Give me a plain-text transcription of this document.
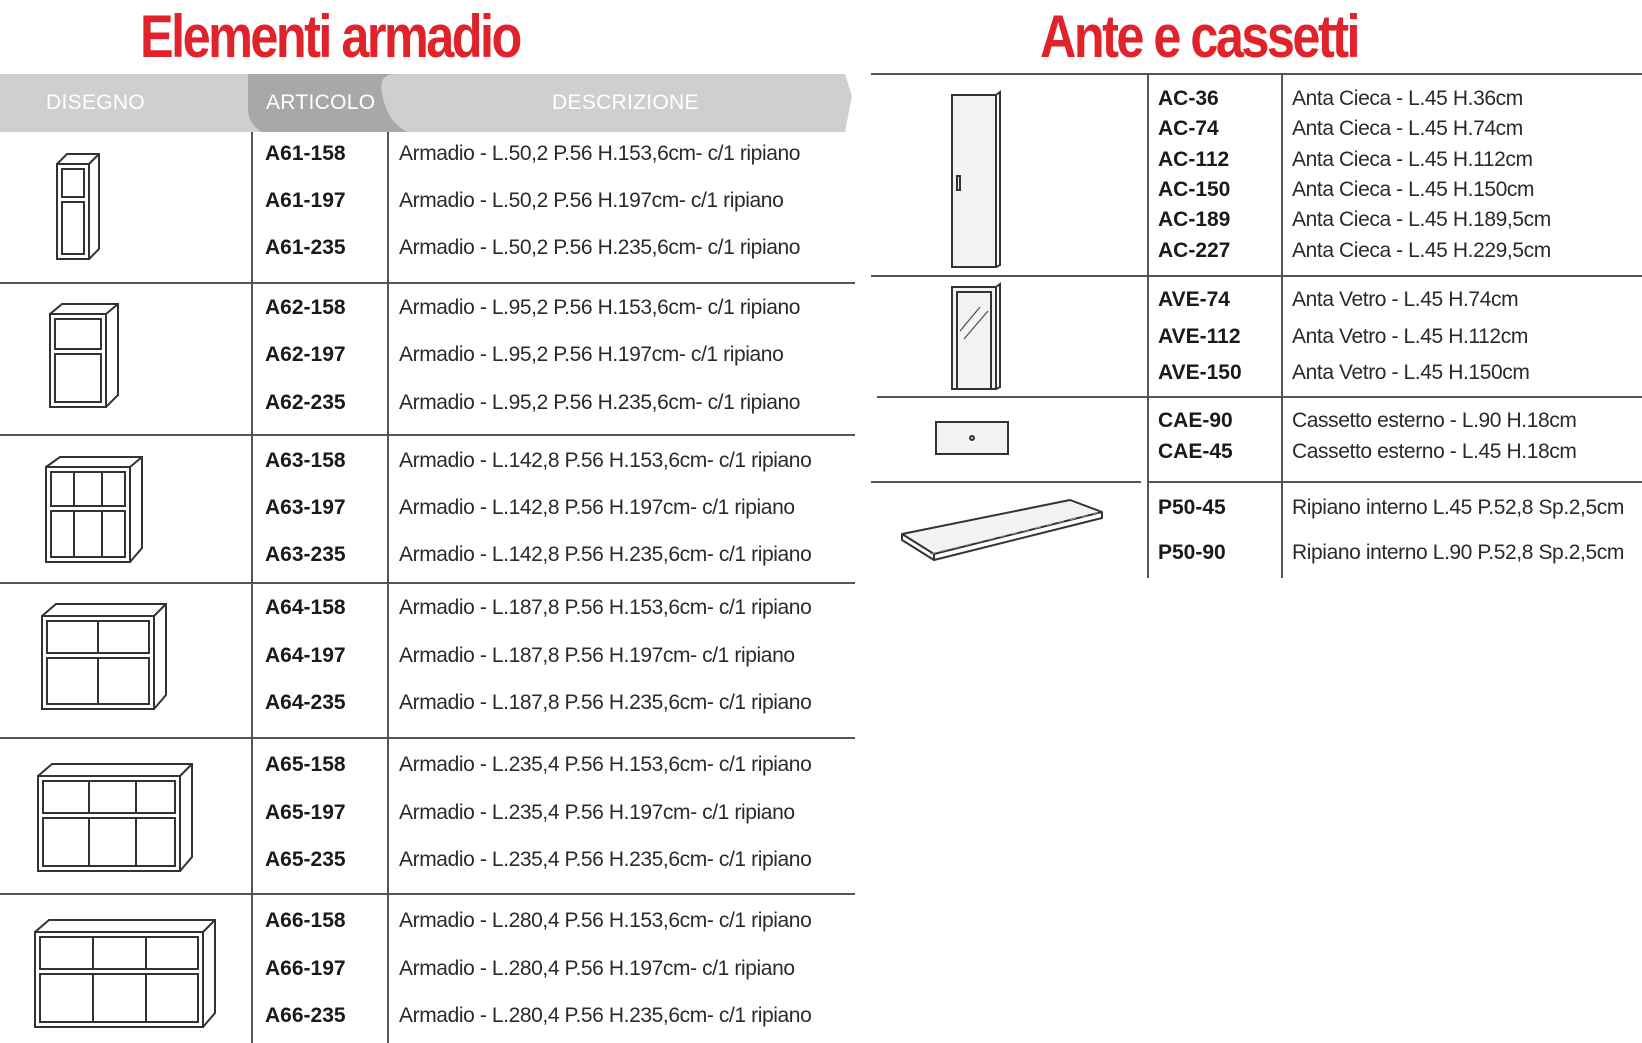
Elementi armadio	Ante e cassetti
DISEGNO	ARTICOLO	DESCRIZIONE
A61-158	Armadio - L.50,2 P.56 H.153,6cm- c/1 ripiano
A61-197	Armadio - L.50,2 P.56 H.197cm- c/1 ripiano
A61-235	Armadio - L.50,2 P.56 H.235,6cm- c/1 ripiano
A62-158	Armadio - L.95,2 P.56 H.153,6cm- c/1 ripiano
A62-197	Armadio - L.95,2 P.56 H.197cm- c/1 ripiano
A62-235	Armadio - L.95,2 P.56 H.235,6cm- c/1 ripiano
A63-158	Armadio - L.142,8 P.56 H.153,6cm- c/1 ripiano
A63-197	Armadio - L.142,8 P.56 H.197cm- c/1 ripiano
A63-235	Armadio - L.142,8 P.56 H.235,6cm- c/1 ripiano
A64-158	Armadio - L.187,8 P.56 H.153,6cm- c/1 ripiano
A64-197	Armadio - L.187,8 P.56 H.197cm- c/1 ripiano
A64-235	Armadio - L.187,8 P.56 H.235,6cm- c/1 ripiano
A65-158	Armadio - L.235,4 P.56 H.153,6cm- c/1 ripiano
A65-197	Armadio - L.235,4 P.56 H.197cm- c/1 ripiano
A65-235	Armadio - L.235,4 P.56 H.235,6cm- c/1 ripiano
A66-158	Armadio - L.280,4 P.56 H.153,6cm- c/1 ripiano
A66-197	Armadio - L.280,4 P.56 H.197cm- c/1 ripiano
A66-235	Armadio - L.280,4 P.56 H.235,6cm- c/1 ripiano
AC-36	Anta Cieca - L.45 H.36cm
AC-74	Anta Cieca - L.45 H.74cm
AC-112	Anta Cieca - L.45 H.112cm
AC-150	Anta Cieca - L.45 H.150cm
AC-189	Anta Cieca - L.45 H.189,5cm
AC-227	Anta Cieca - L.45 H.229,5cm
AVE-74	Anta Vetro - L.45 H.74cm
AVE-112 Anta Vetro - L.45 H.112cm
AVE-150 Anta Vetro - L.45 H.150cm
CAE-90	Cassetto esterno - L.90 H.18cm
CAE-45	Cassetto esterno - L.45 H.18cm
P50-45	Ripiano interno L.45 P.52,8 Sp.2,5cm
P50-90	Ripiano interno L.90 P.52,8 Sp.2,5cm
